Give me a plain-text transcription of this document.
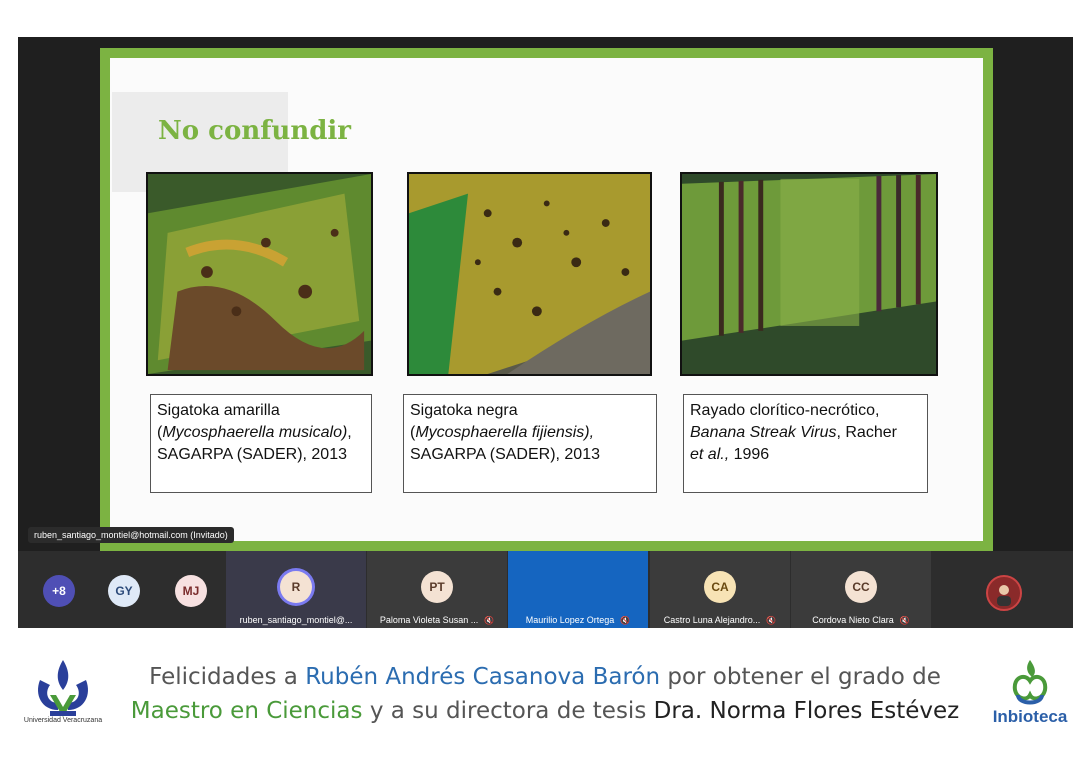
No confundir
Sigatoka amarilla
(Mycosphaerella musicalo), SAGARPA (SADER), 2013
Sigatoka negra
(Mycosphaerella fijiensis),
SAGARPA (SADER), 2013
Rayado clorítico-necrótico,
Banana Streak Virus, Racher
et al., 1996
ruben_santiago_montiel@hotmail.com (Invitado)
+8	GY	MJ	R
ruben_santiago_montiel@...
PT
Paloma Violeta Susan ... 🔇	Maurilio Lopez Ortega 🔇
CA
Castro Luna Alejandro... 🔇
CC
Cordova Nieto Clara 🔇
Universidad Veracruzana
Felicidades a Rubén Andrés Casanova Barón por obtener el grado de
Maestro en Ciencias y a su directora de tesis Dra. Norma Flores Estévez	Inbioteca
